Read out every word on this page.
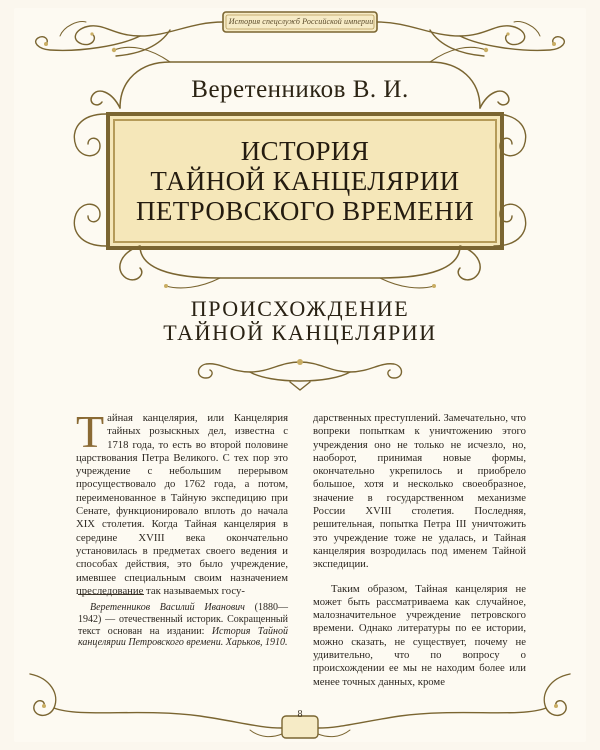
История спецслужб Российской империи
Веретенников В. И.
ИСТОРИЯ
ТАЙНОЙ КАНЦЕЛЯРИИ
ПЕТРОВСКОГО ВРЕМЕНИ
ПРОИСХОЖДЕНИЕ
ТАЙНОЙ КАНЦЕЛЯРИИ

Тайная канцелярия, или Канцелярия тайных розыскных дел, известна с 1718 года, то есть во второй половине царствования Петра Великого. С тех пор это учреждение с небольшим перерывом просуществовало до 1762 года, а потом, переименованное в Тайную экспедицию при Сенате, функционировало вплоть до начала XIX столетия. Когда Тайная канцелярия в середине XVIII века окончательно установилась в предметах своего ведения и способах действия, это было учреждение, имевшее специальным своим назначением преследование так называемых госу-

дарственных преступлений. Замечательно, что вопреки попыткам к уничтожению этого учреждения оно не только не исчезло, но, наоборот, принимая новые формы, окончательно укрепилось и приобрело большое, хотя и несколько своеобразное, значение в государственном механизме России XVIII столетия. Последняя, решительная, попытка Петра III уничтожить это учреждение тоже не удалась, и Тайная канцелярия возродилась под именем Тайной экспедиции.

Таким образом, Тайная канцелярия не может быть рассматриваема как случайное, малозначительное учреждение петровского времени. Однако литературы по ее истории, можно сказать, не существует, почему не удивительно, что по вопросу о происхождении ее мы не находим более или менее точных данных, кроме

Веретенников Василий Иванович (1880—1942) — отечественный историк. Сокращенный текст основан на издании: История Тайной канцелярии Петровского времени. Харьков, 1910.
8
